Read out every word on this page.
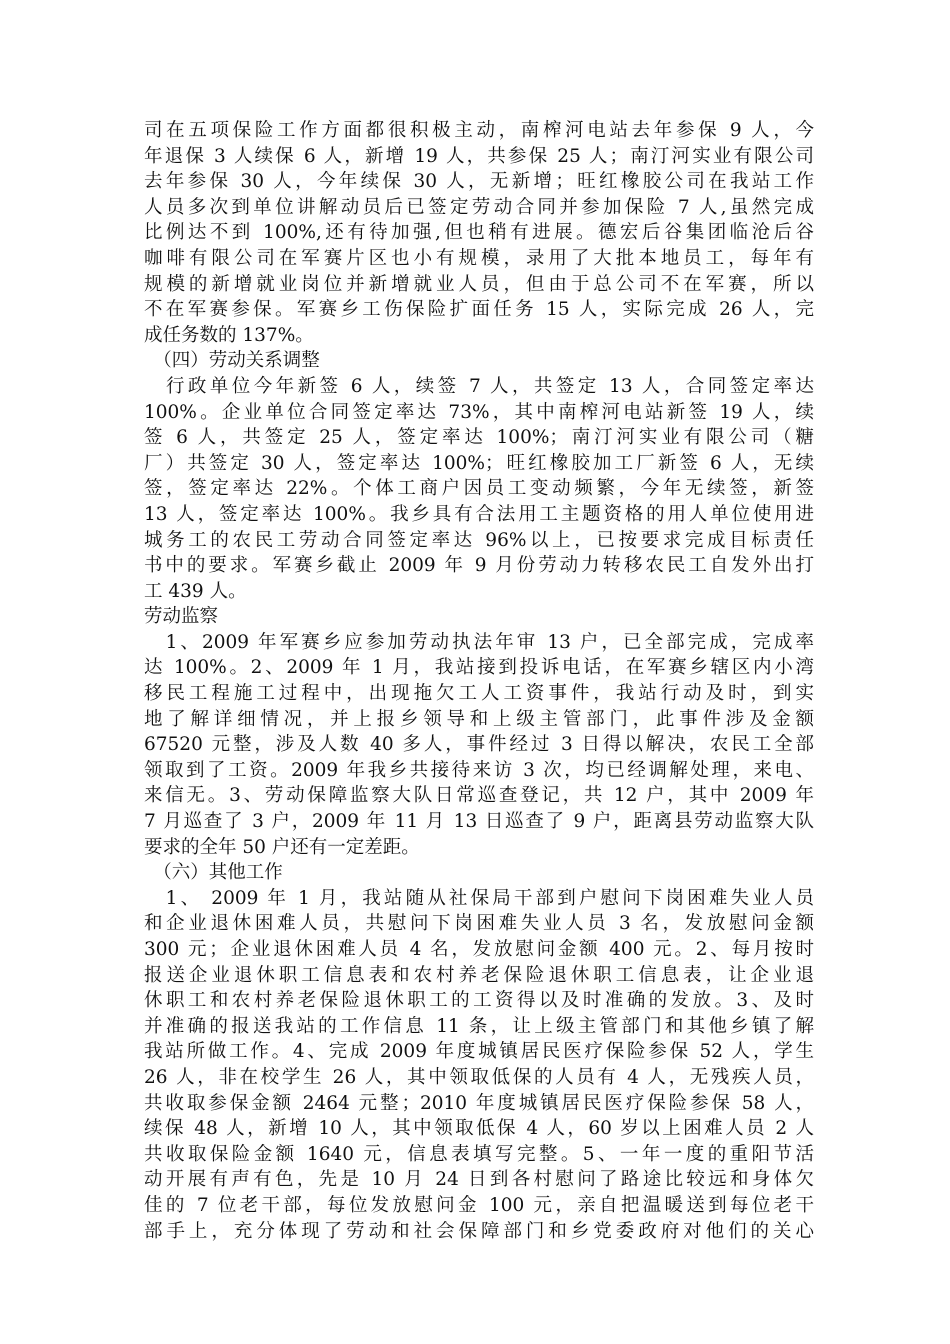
司在五项保险工作方面都很积极主动，南榨河电站去年参保 9 人，今
年退保 3 人续保 6 人，新增 19 人，共参保 25 人；南汀河实业有限公司
去年参保 30 人，今年续保 30 人，无新增；旺红橡胶公司在我站工作
人员多次到单位讲解动员后已签定劳动合同并参加保险 7 人,虽然完成
比例达不到 100%,还有待加强,但也稍有进展。德宏后谷集团临沧后谷
咖啡有限公司在军赛片区也小有规模，录用了大批本地员工，每年有
规模的新增就业岗位并新增就业人员，但由于总公司不在军赛，所以
不在军赛参保。军赛乡工伤保险扩面任务 15 人，实际完成 26 人，完
成任务数的 137%。
　（四）劳动关系调整
　行政单位今年新签 6 人，续签 7 人，共签定 13 人，合同签定率达
100%。企业单位合同签定率达 73%，其中南榨河电站新签 19 人，续
签 6 人，共签定 25 人，签定率达 100%；南汀河实业有限公司（糖
厂）共签定 30 人，签定率达 100%；旺红橡胶加工厂新签 6 人，无续
签，签定率达 22%。个体工商户因员工变动频繁，今年无续签，新签
13 人，签定率达 100%。我乡具有合法用工主题资格的用人单位使用进
城务工的农民工劳动合同签定率达 96%以上，已按要求完成目标责任
书中的要求。军赛乡截止 2009 年 9 月份劳动力转移农民工自发外出打
工 439 人。
劳动监察
　1、2009 年军赛乡应参加劳动执法年审 13 户，已全部完成，完成率
达 100%。2、2009 年 1 月，我站接到投诉电话，在军赛乡辖区内小湾
移民工程施工过程中，出现拖欠工人工资事件，我站行动及时，到实
地了解详细情况，并上报乡领导和上级主管部门，此事件涉及金额
67520 元整，涉及人数 40 多人，事件经过 3 日得以解决，农民工全部
领取到了工资。2009 年我乡共接待来访 3 次，均已经调解处理，来电、
来信无。3、劳动保障监察大队日常巡查登记，共 12 户，其中 2009 年
7 月巡查了 3 户，2009 年 11 月 13 日巡查了 9 户，距离县劳动监察大队
要求的全年 50 户还有一定差距。
　（六）其他工作
　1、 2009 年 1 月，我站随从社保局干部到户慰问下岗困难失业人员
和企业退休困难人员，共慰问下岗困难失业人员 3 名，发放慰问金额
300 元；企业退休困难人员 4 名，发放慰问金额 400 元。2、每月按时
报送企业退休职工信息表和农村养老保险退休职工信息表，让企业退
休职工和农村养老保险退休职工的工资得以及时准确的发放。3、及时
并准确的报送我站的工作信息 11 条，让上级主管部门和其他乡镇了解
我站所做工作。4、完成 2009 年度城镇居民医疗保险参保 52 人，学生
26 人，非在校学生 26 人，其中领取低保的人员有 4 人，无残疾人员，
共收取参保金额 2464 元整；2010 年度城镇居民医疗保险参保 58 人，
续保 48 人，新增 10 人，其中领取低保 4 人，60 岁以上困难人员 2 人
共收取保险金额 1640 元，信息表填写完整。5、一年一度的重阳节活
动开展有声有色，先是 10 月 24 日到各村慰问了路途比较远和身体欠
佳的 7 位老干部，每位发放慰问金 100 元，亲自把温暖送到每位老干
部手上，充分体现了劳动和社会保障部门和乡党委政府对他们的关心
